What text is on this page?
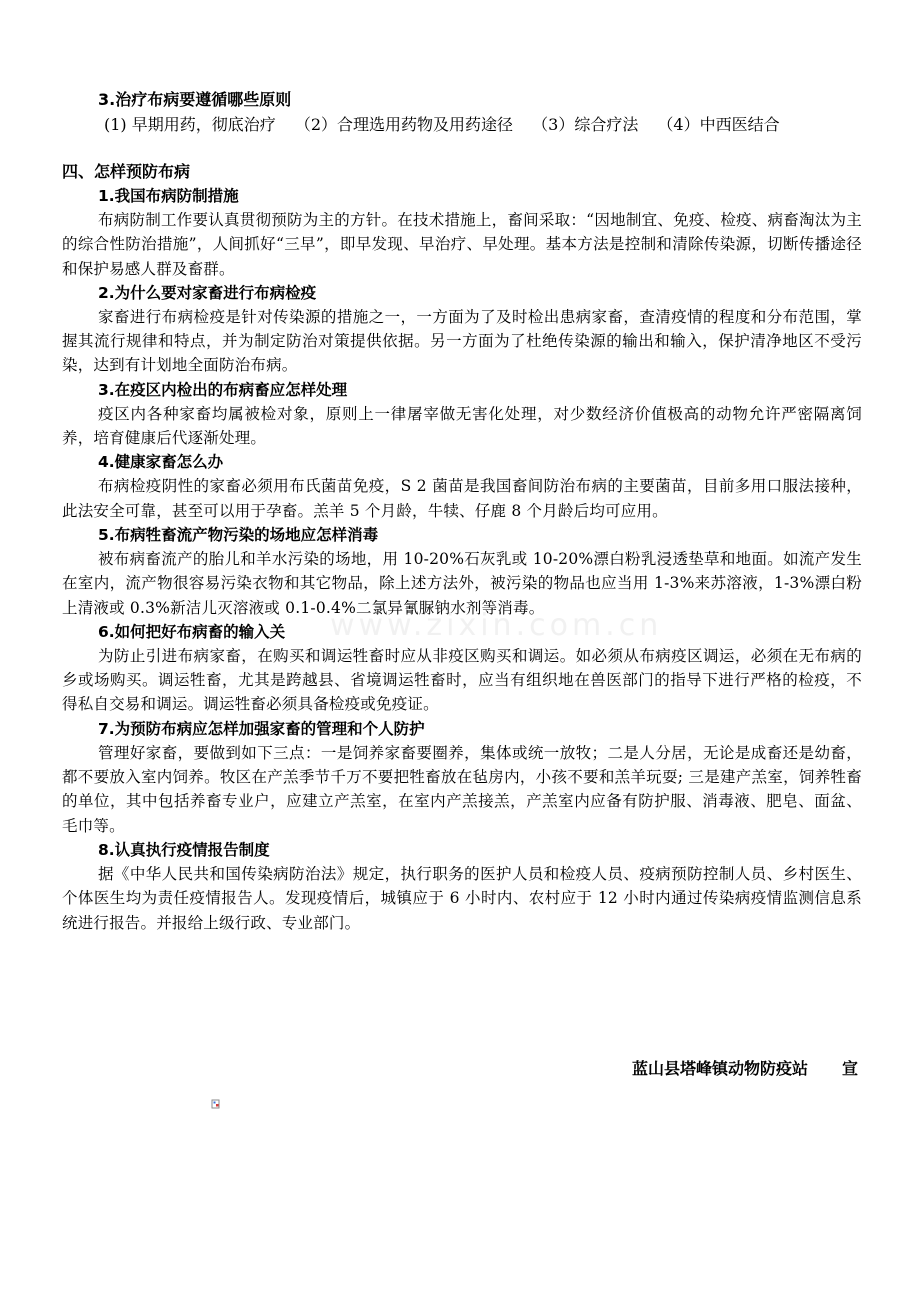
www.zixin.com.cn

3.治疗布病要遵循哪些原则

(1) 早期用药，彻底治疗 （2）合理选用药物及用药途径 （3）综合疗法 （4）中西医结合

四、怎样预防布病

1.我国布病防制措施

布病防制工作要认真贯彻预防为主的方针。在技术措施上，畜间采取：“因地制宜、免疫、检疫、病畜淘汰为主的综合性防治措施”，人间抓好“三早”，即早发现、早治疗、早处理。基本方法是控制和清除传染源，切断传播途径和保护易感人群及畜群。

2.为什么要对家畜进行布病检疫

家畜进行布病检疫是针对传染源的措施之一，一方面为了及时检出患病家畜，查清疫情的程度和分布范围，掌握其流行规律和特点，并为制定防治对策提供依据。另一方面为了杜绝传染源的输出和输入，保护清净地区不受污染，达到有计划地全面防治布病。

3.在疫区内检出的布病畜应怎样处理

疫区内各种家畜均属被检对象，原则上一律屠宰做无害化处理，对少数经济价值极高的动物允许严密隔离饲养，培育健康后代逐渐处理。

4.健康家畜怎么办

布病检疫阴性的家畜必须用布氏菌苗免疫，S 2 菌苗是我国畜间防治布病的主要菌苗，目前多用口服法接种，此法安全可靠，甚至可以用于孕畜。羔羊 5 个月龄，牛犊、仔鹿 8 个月龄后均可应用。

5.布病牲畜流产物污染的场地应怎样消毒

被布病畜流产的胎儿和羊水污染的场地，用 10-20%石灰乳或 10-20%漂白粉乳浸透垫草和地面。如流产发生在室内，流产物很容易污染衣物和其它物品，除上述方法外，被污染的物品也应当用 1-3%来苏溶液，1-3%漂白粉上清液或 0.3%新洁儿灭溶液或 0.1-0.4%二氯异氰脲钠水剂等消毒。

6.如何把好布病畜的输入关

为防止引进布病家畜，在购买和调运牲畜时应从非疫区购买和调运。如必须从布病疫区调运，必须在无布病的乡或场购买。调运牲畜，尤其是跨越县、省境调运牲畜时，应当有组织地在兽医部门的指导下进行严格的检疫，不得私自交易和调运。调运牲畜必须具备检疫或免疫证。

7.为预防布病应怎样加强家畜的管理和个人防护

管理好家畜，要做到如下三点：一是饲养家畜要圈养，集体或统一放牧；二是人分居，无论是成畜还是幼畜，都不要放入室内饲养。牧区在产羔季节千万不要把牲畜放在毡房内，小孩不要和羔羊玩耍; 三是建产羔室，饲养牲畜的单位，其中包括养畜专业户，应建立产羔室，在室内产羔接羔，产羔室内应备有防护服、消毒液、肥皂、面盆、毛巾等。

8.认真执行疫情报告制度

据《中华人民共和国传染病防治法》规定，执行职务的医护人员和检疫人员、疫病预防控制人员、乡村医生、个体医生均为责任疫情报告人。发现疫情后，城镇应于 6 小时内、农村应于 12 小时内通过传染病疫情监测信息系统进行报告。并报给上级行政、专业部门。

蓝山县塔峰镇动物防疫站 宣
